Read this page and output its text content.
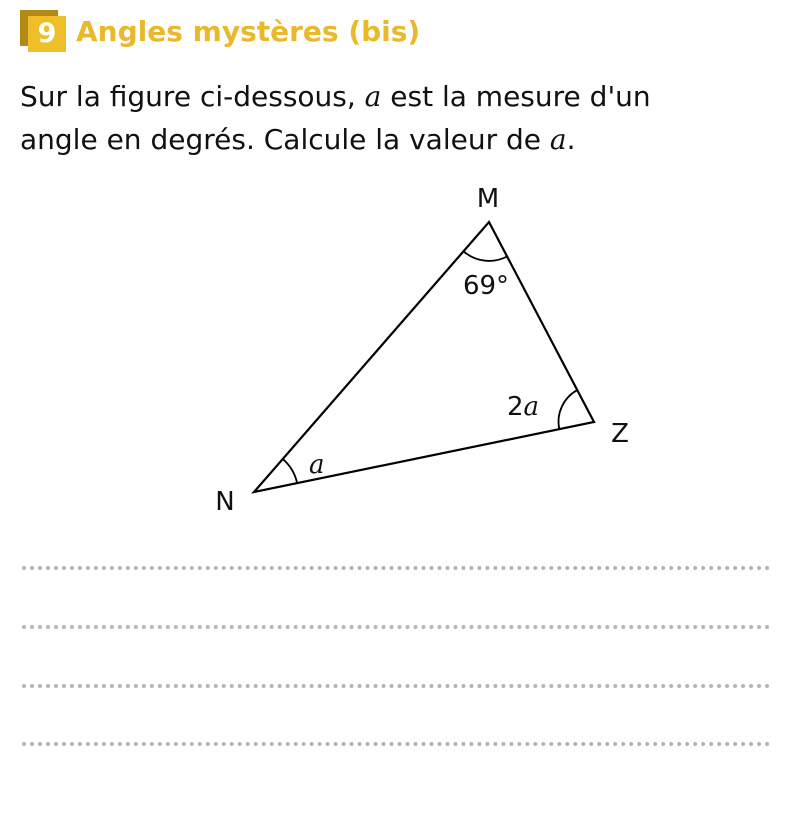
9 Angles mystères (bis)
Sur la figure ci-dessous, a est la mesure d'un
angle en degrés. Calcule la valeur de a.
M
Z
N
69°
2a
a
